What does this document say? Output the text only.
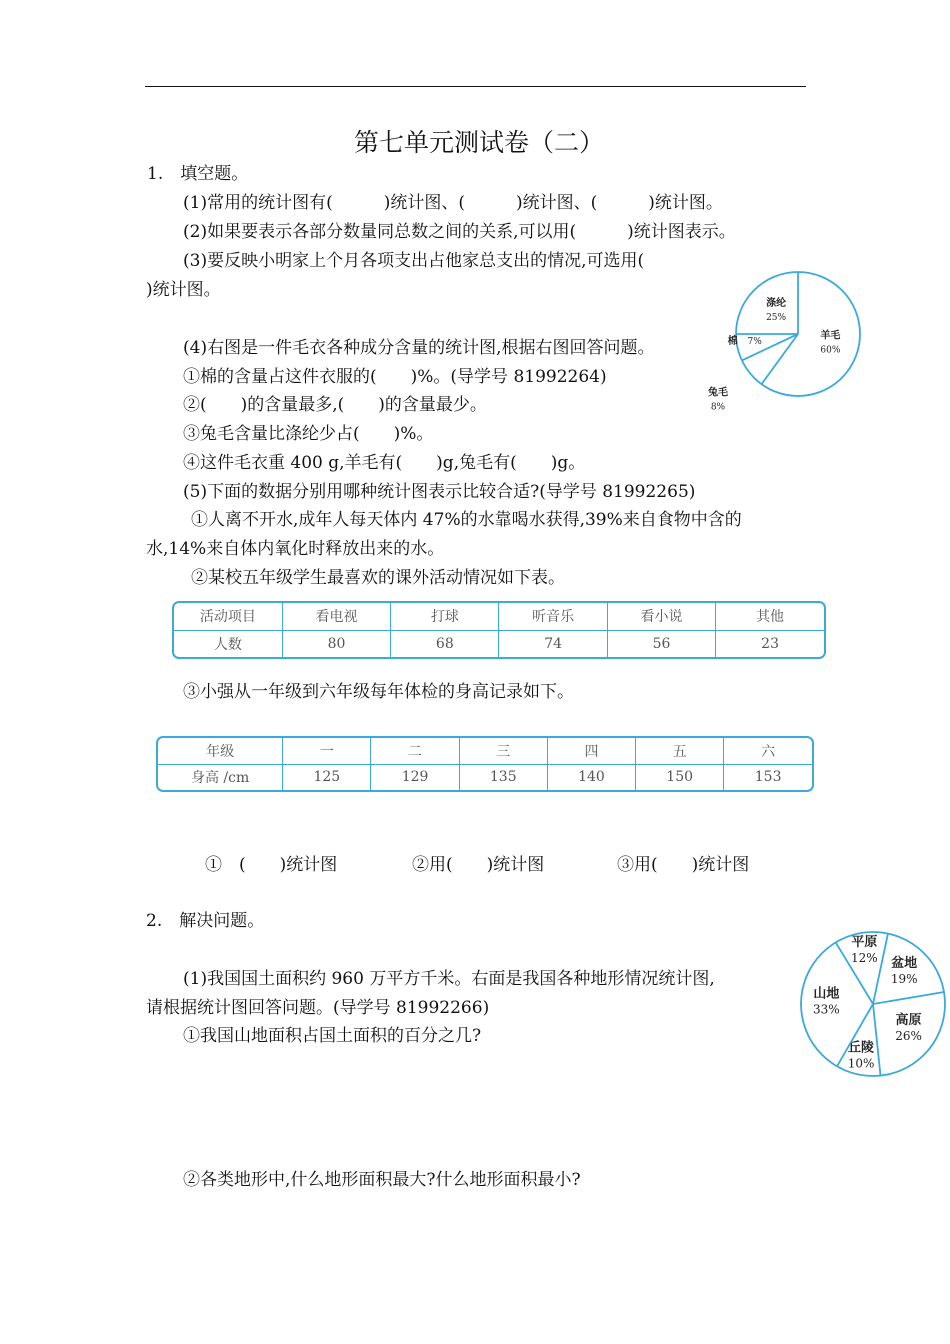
第七单元测试卷（二）
1.　填空题。
(1)常用的统计图有(　　　)统计图、(　　　)统计图、(　　　)统计图。
(2)如果要表示各部分数量同总数之间的关系,可以用(　　　)统计图表示。
(3)要反映小明家上个月各项支出占他家总支出的情况,可选用(
)统计图。
(4)右图是一件毛衣各种成分含量的统计图,根据右图回答问题。
①棉的含量占这件衣服的(　　)%。(导学号 81992264)
②(　　)的含量最多,(　　)的含量最少。
③兔毛含量比涤纶少占(　　)%。
④这件毛衣重 400 g,羊毛有(　　)g,兔毛有(　　)g。
(5)下面的数据分别用哪种统计图表示比较合适?(导学号 81992265)
①人离不开水,成年人每天体内 47%的水靠喝水获得,39%来自食物中含的
水,14%来自体内氧化时释放出来的水。
②某校五年级学生最喜欢的课外活动情况如下表。
羊毛
60%
兔毛
8%
棉 7%
涤纶
25%
活动项目	看电视	打球	听音乐	看小说	其他
人数	80	68	74	56	23
③小强从一年级到六年级每年体检的身高记录如下。
年级	一	二	三	四	五	六
身高 /cm	125	129	135	140	150	153
①　(　　)统计图	②用(　　)统计图	③用(　　)统计图
2.　解决问题。
(1)我国国土面积约 960 万平方千米。右面是我国各种地形情况统计图,
请根据统计图回答问题。(导学号 81992266)
①我国山地面积占国土面积的百分之几?
②各类地形中,什么地形面积最大?什么地形面积最小?
盆地
19%
高原
26%
丘陵
10%
山地
33%
平原
12%
